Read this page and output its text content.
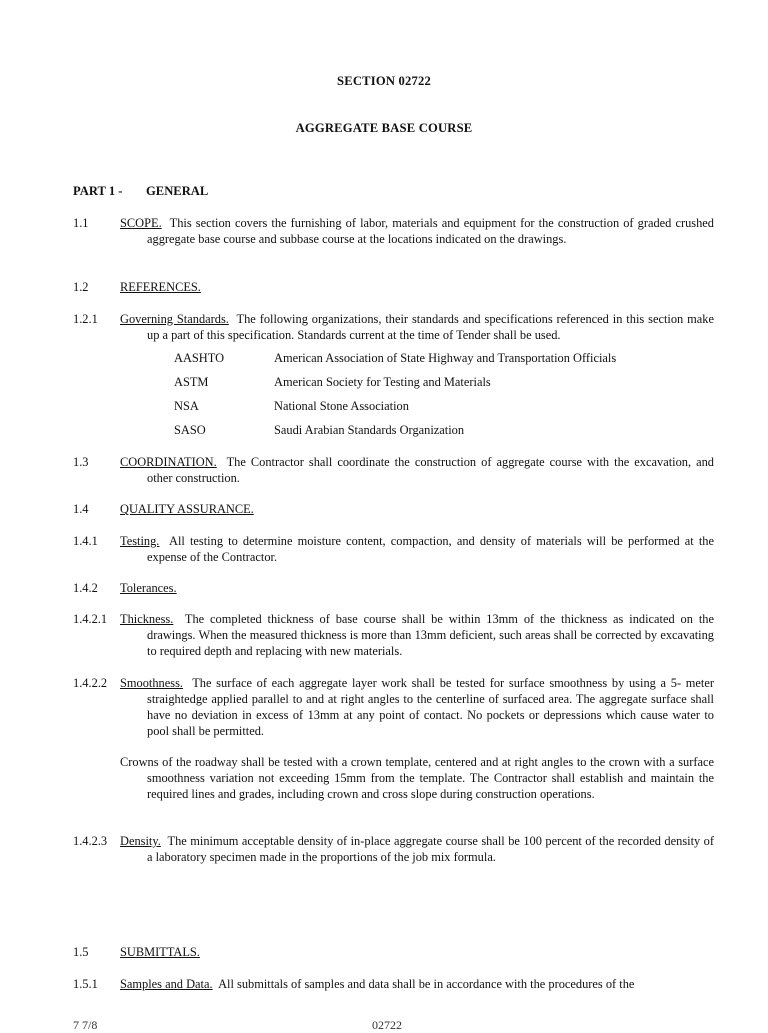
SECTION 02722
AGGREGATE BASE COURSE
PART 1 - GENERAL
1.1	SCOPE. This section covers the furnishing of labor, materials and equipment for the construction of graded crushed aggregate base course and subbase course at the locations indicated on the drawings.
1.2	REFERENCES.
1.2.1 Governing Standards. The following organizations, their standards and specifications referenced in this section make up a part of this specification. Standards current at the time of Tender shall be used.
AASHTO	American Association of State Highway and Transportation Officials
ASTM	American Society for Testing and Materials
NSA	National Stone Association
SASO	Saudi Arabian Standards Organization
1.3	COORDINATION. The Contractor shall coordinate the construction of aggregate course with the excavation, and other construction.
1.4	QUALITY ASSURANCE.
1.4.1 Testing. All testing to determine moisture content, compaction, and density of materials will be performed at the expense of the Contractor.
1.4.2 Tolerances.
1.4.2.1 Thickness. The completed thickness of base course shall be within 13mm of the thickness as indicated on the drawings. When the measured thickness is more than 13mm deficient, such areas shall be corrected by excavating to required depth and replacing with new materials.
1.4.2.2 Smoothness. The surface of each aggregate layer work shall be tested for surface smoothness by using a 5- meter straightedge applied parallel to and at right angles to the centerline of surfaced area. The aggregate surface shall have no deviation in excess of 13mm at any point of contact. No pockets or depressions which cause water to pool shall be permitted.
Crowns of the roadway shall be tested with a crown template, centered and at right angles to the crown with a surface smoothness variation not exceeding 15mm from the template. The Contractor shall establish and maintain the required lines and grades, including crown and cross slope during construction operations.
1.4.2.3 Density. The minimum acceptable density of in-place aggregate course shall be 100 percent of the recorded density of a laboratory specimen made in the proportions of the job mix formula.
1.5	SUBMITTALS.
1.5.1 Samples and Data. All submittals of samples and data shall be in accordance with the procedures of the
7 7/8	02722
